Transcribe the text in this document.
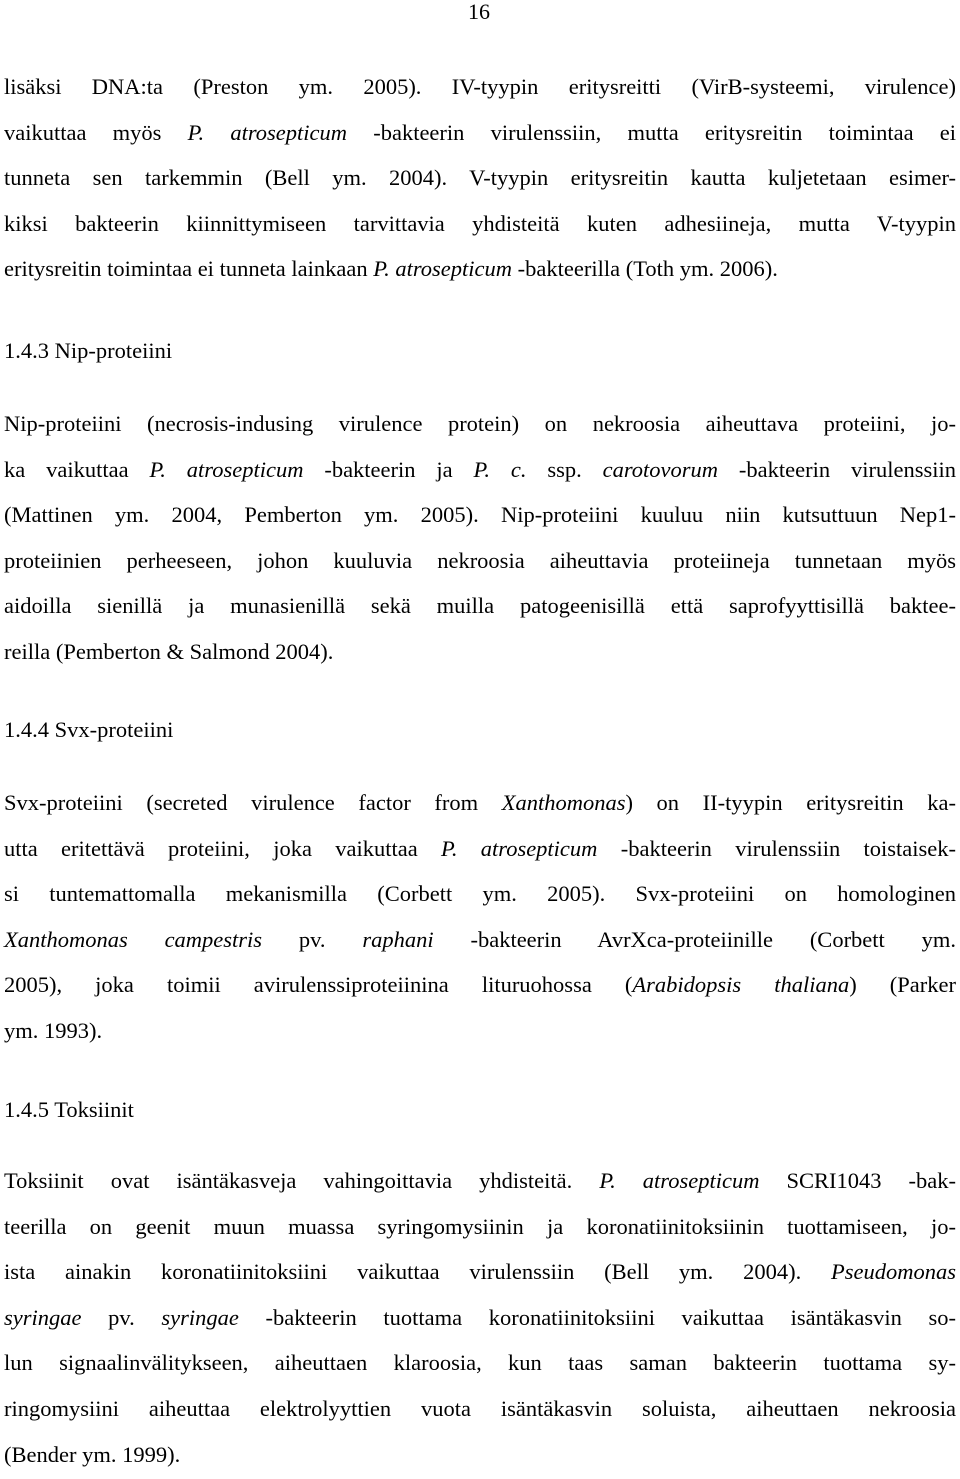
16
lisäksi DNA:ta (Preston ym. 2005). IV-tyypin eritysreitti (VirB-systeemi, virulence)
vaikuttaa myös P. atrosepticum -bakteerin virulenssiin, mutta eritysreitin toimintaa ei
tunneta sen tarkemmin (Bell ym. 2004). V-tyypin eritysreitin kautta kuljetetaan esimer-
kiksi bakteerin kiinnittymiseen tarvittavia yhdisteitä kuten adhesiineja, mutta V-tyypin
eritysreitin toimintaa ei tunneta lainkaan P. atrosepticum -bakteerilla (Toth ym. 2006).
1.4.3 Nip-proteiini
Nip-proteiini (necrosis-indusing virulence protein) on nekroosia aiheuttava proteiini, jo-
ka vaikuttaa P. atrosepticum -bakteerin ja P. c. ssp. carotovorum -bakteerin virulenssiin
(Mattinen ym. 2004, Pemberton ym. 2005). Nip-proteiini kuuluu niin kutsuttuun Nep1-
proteiinien perheeseen, johon kuuluvia nekroosia aiheuttavia proteiineja tunnetaan myös
aidoilla sienillä ja munasienillä sekä muilla patogeenisillä että saprofyyttisillä baktee-
reilla (Pemberton & Salmond 2004).
1.4.4 Svx-proteiini
Svx-proteiini (secreted virulence factor from Xanthomonas) on II-tyypin eritysreitin ka-
utta eritettävä proteiini, joka vaikuttaa P. atrosepticum -bakteerin virulenssiin toistaisek-
si tuntemattomalla mekanismilla (Corbett ym. 2005). Svx-proteiini on homologinen
Xanthomonas campestris pv. raphani -bakteerin AvrXca-proteiinille (Corbett ym.
2005), joka toimii avirulenssiproteiinina lituruohossa (Arabidopsis thaliana) (Parker
ym. 1993).
1.4.5 Toksiinit
Toksiinit ovat isäntäkasveja vahingoittavia yhdisteitä. P. atrosepticum SCRI1043 -bak-
teerilla on geenit muun muassa syringomysiinin ja koronatiinitoksiinin tuottamiseen, jo-
ista ainakin koronatiinitoksiini vaikuttaa virulenssiin (Bell ym. 2004). Pseudomonas
syringae pv. syringae -bakteerin tuottama koronatiinitoksiini vaikuttaa isäntäkasvin so-
lun signaalinvälitykseen, aiheuttaen klaroosia, kun taas saman bakteerin tuottama sy-
ringomysiini aiheuttaa elektrolyyttien vuota isäntäkasvin soluista, aiheuttaen nekroosia
(Bender ym. 1999).
